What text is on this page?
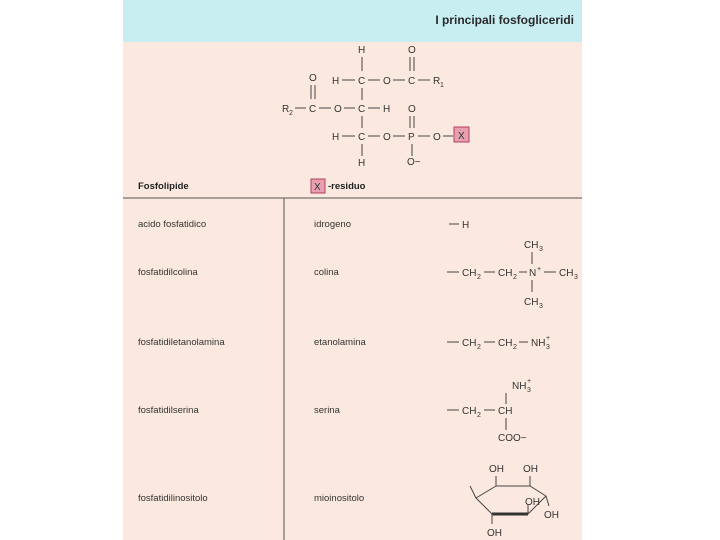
I principali fosfogliceridi
Fosfolipide	-residuo
acido fosfatidico	idrogeno
fosfatidilcolina	colina
fosfatidiletanolamina	etanolamina
fosfatidilserina	serina
fosfatidilinositolo	mioinositolo
X
H
H C O C R 1
O
R 2 C O C H
O
H C O P O X
O
O−
H
H
CH 3
CH 2 CH 2 N + CH 3
CH 3
CH 2 CH 2 NH 3
+
NH 3
+
CH 2 CH
COO−
OH OH
OH
OH
OH
